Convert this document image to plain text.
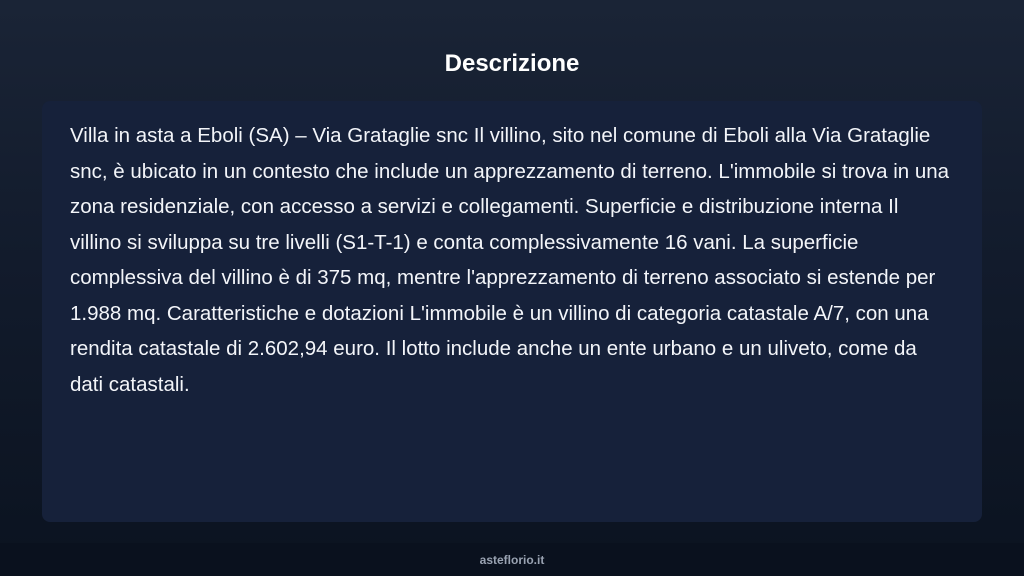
Descrizione

Villa in asta a Eboli (SA) – Via Grataglie snc Il villino, sito nel comune di Eboli alla Via Grataglie snc, è ubicato in un contesto che include un apprezzamento di terreno. L'immobile si trova in una zona residenziale, con accesso a servizi e collegamenti. Superficie e distribuzione interna Il villino si sviluppa su tre livelli (S1-T-1) e conta complessivamente 16 vani. La superficie complessiva del villino è di 375 mq, mentre l'apprezzamento di terreno associato si estende per 1.988 mq. Caratteristiche e dotazioni L'immobile è un villino di categoria catastale A/7, con una rendita catastale di 2.602,94 euro. Il lotto include anche un ente urbano e un uliveto, come da dati catastali.

asteflorio.it
